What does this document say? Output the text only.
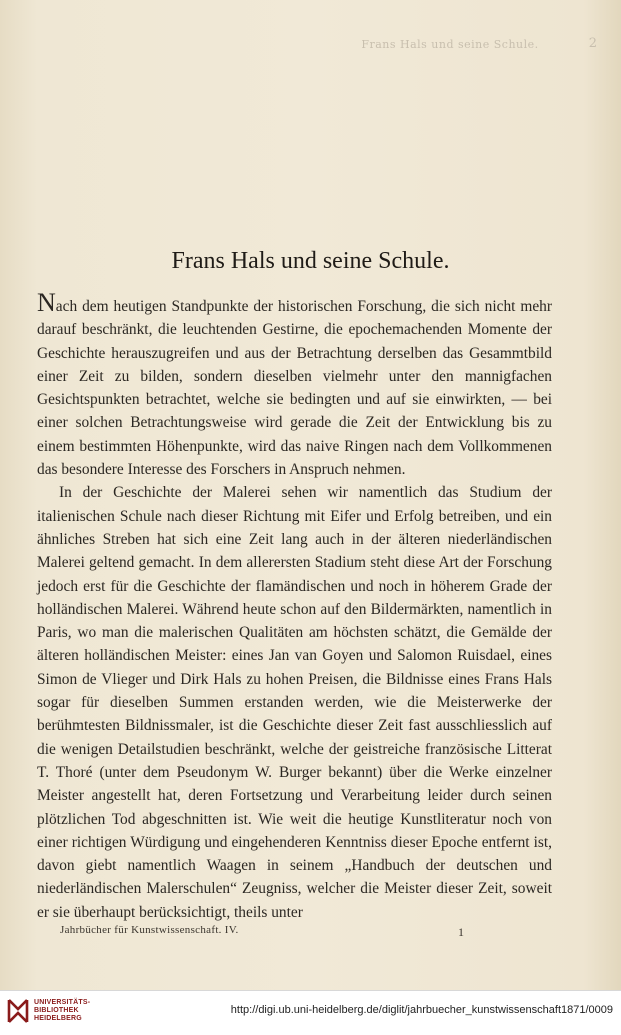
Frans Hals und seine Schule.	2
Frans Hals und seine Schule.

Nach dem heutigen Standpunkte der historischen Forschung, die sich nicht mehr darauf beschränkt, die leuchtenden Gestirne, die epochemachenden Momente der Geschichte herauszugreifen und aus der Betrachtung derselben das Gesammtbild einer Zeit zu bilden, sondern dieselben vielmehr unter den mannigfachen Gesichtspunkten betrachtet, welche sie bedingten und auf sie einwirkten, — bei einer solchen Betrachtungsweise wird gerade die Zeit der Entwicklung bis zu einem bestimmten Höhenpunkte, wird das naive Ringen nach dem Vollkommenen das besondere Interesse des Forschers in Anspruch nehmen.

In der Geschichte der Malerei sehen wir namentlich das Studium der italienischen Schule nach dieser Richtung mit Eifer und Erfolg betreiben, und ein ähnliches Streben hat sich eine Zeit lang auch in der älteren niederländischen Malerei geltend gemacht. In dem allerersten Stadium steht diese Art der Forschung jedoch erst für die Geschichte der flamändischen und noch in höherem Grade der holländischen Malerei. Während heute schon auf den Bildermärkten, namentlich in Paris, wo man die malerischen Qualitäten am höchsten schätzt, die Gemälde der älteren holländischen Meister: eines Jan van Goyen und Salomon Ruisdael, eines Simon de Vlieger und Dirk Hals zu hohen Preisen, die Bildnisse eines Frans Hals sogar für dieselben Summen erstanden werden, wie die Meisterwerke der berühmtesten Bildnissmaler, ist die Geschichte dieser Zeit fast ausschliesslich auf die wenigen Detailstudien beschränkt, welche der geistreiche französische Litterat T. Thoré (unter dem Pseudonym W. Burger bekannt) über die Werke einzelner Meister angestellt hat, deren Fortsetzung und Verarbeitung leider durch seinen plötzlichen Tod abgeschnitten ist. Wie weit die heutige Kunstliteratur noch von einer richtigen Würdigung und eingehenderen Kenntniss dieser Epoche entfernt ist, davon giebt namentlich Waagen in seinem „Handbuch der deutschen und niederländischen Malerschulen“ Zeugniss, welcher die Meister dieser Zeit, soweit er sie überhaupt berücksichtigt, theils unter

Jahrbücher für Kunstwissenschaft. IV.	1
UNIVERSITÄTS-
BIBLIOTHEK
HEIDELBERG
http://digi.ub.uni-heidelberg.de/diglit/jahrbuecher_kunstwissenschaft1871/0009
